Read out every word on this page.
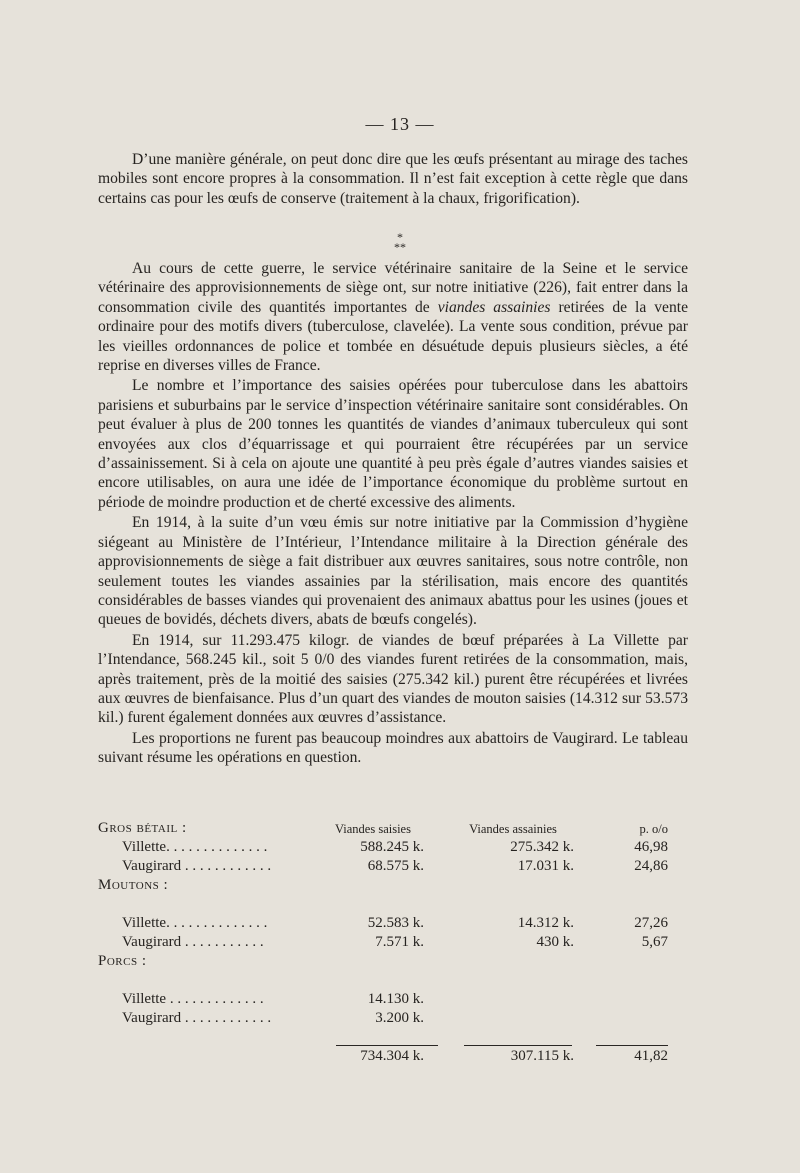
— 13 —

D’une manière générale, on peut donc dire que les œufs présentant au mirage des taches mobiles sont encore propres à la consommation. Il n’est fait exception à cette règle que dans certains cas pour les œufs de conserve (traitement à la chaux, frigorification).

*
**

Au cours de cette guerre, le service vétérinaire sanitaire de la Seine et le service vétérinaire des approvisionnements de siège ont, sur notre initiative (226), fait entrer dans la consommation civile des quantités importantes de viandes assainies retirées de la vente ordinaire pour des motifs divers (tuberculose, clavelée). La vente sous condition, prévue par les vieilles ordonnances de police et tombée en désuétude depuis plusieurs siècles, a été reprise en diverses villes de France.

Le nombre et l’importance des saisies opérées pour tuberculose dans les abattoirs parisiens et suburbains par le service d’inspection vétérinaire sanitaire sont considérables. On peut évaluer à plus de 200 tonnes les quantités de viandes d’animaux tuberculeux qui sont envoyées aux clos d’équarrissage et qui pourraient être récupérées par un service d’assainissement. Si à cela on ajoute une quantité à peu près égale d’autres viandes saisies et encore utilisables, on aura une idée de l’importance économique du problème surtout en période de moindre production et de cherté excessive des aliments.

En 1914, à la suite d’un vœu émis sur notre initiative par la Commission d’hygiène siégeant au Ministère de l’Intérieur, l’Intendance militaire à la Direction générale des approvisionnements de siège a fait distribuer aux œuvres sanitaires, sous notre contrôle, non seulement toutes les viandes assainies par la stérilisation, mais encore des quantités considérables de basses viandes qui provenaient des animaux abattus pour les usines (joues et queues de bovidés, déchets divers, abats de bœufs congelés).

En 1914, sur 11.293.475 kilogr. de viandes de bœuf préparées à La Villette par l’Intendance, 568.245 kil., soit 5 0/0 des viandes furent retirées de la consommation, mais, après traitement, près de la moitié des saisies (275.342 kil.) purent être récupérées et livrées aux œuvres de bienfaisance. Plus d’un quart des viandes de mouton saisies (14.312 sur 53.573 kil.) furent également données aux œuvres d’assistance.

Les proportions ne furent pas beaucoup moindres aux abattoirs de Vaugirard. Le tableau suivant résume les opérations en question.

Gros bétail :	Viandes saisies	Viandes assainies	p. o/o
Villette. . . . . . . . . . . . . .	588.245 k.	275.342 k.	46,98
Vaugirard . . . . . . . . . . . .	68.575 k.	17.031 k.	24,86
Moutons :			

Villette. . . . . . . . . . . . . .	52.583 k.	14.312 k.	27,26
Vaugirard . . . . . . . . . . .	7.571 k.	430 k.	5,67
Porcs :			

Villette . . . . . . . . . . . . .	14.130 k.		
Vaugirard . . . . . . . . . . . .	3.200 k.		

	734.304 k.	307.115 k.	41,82
